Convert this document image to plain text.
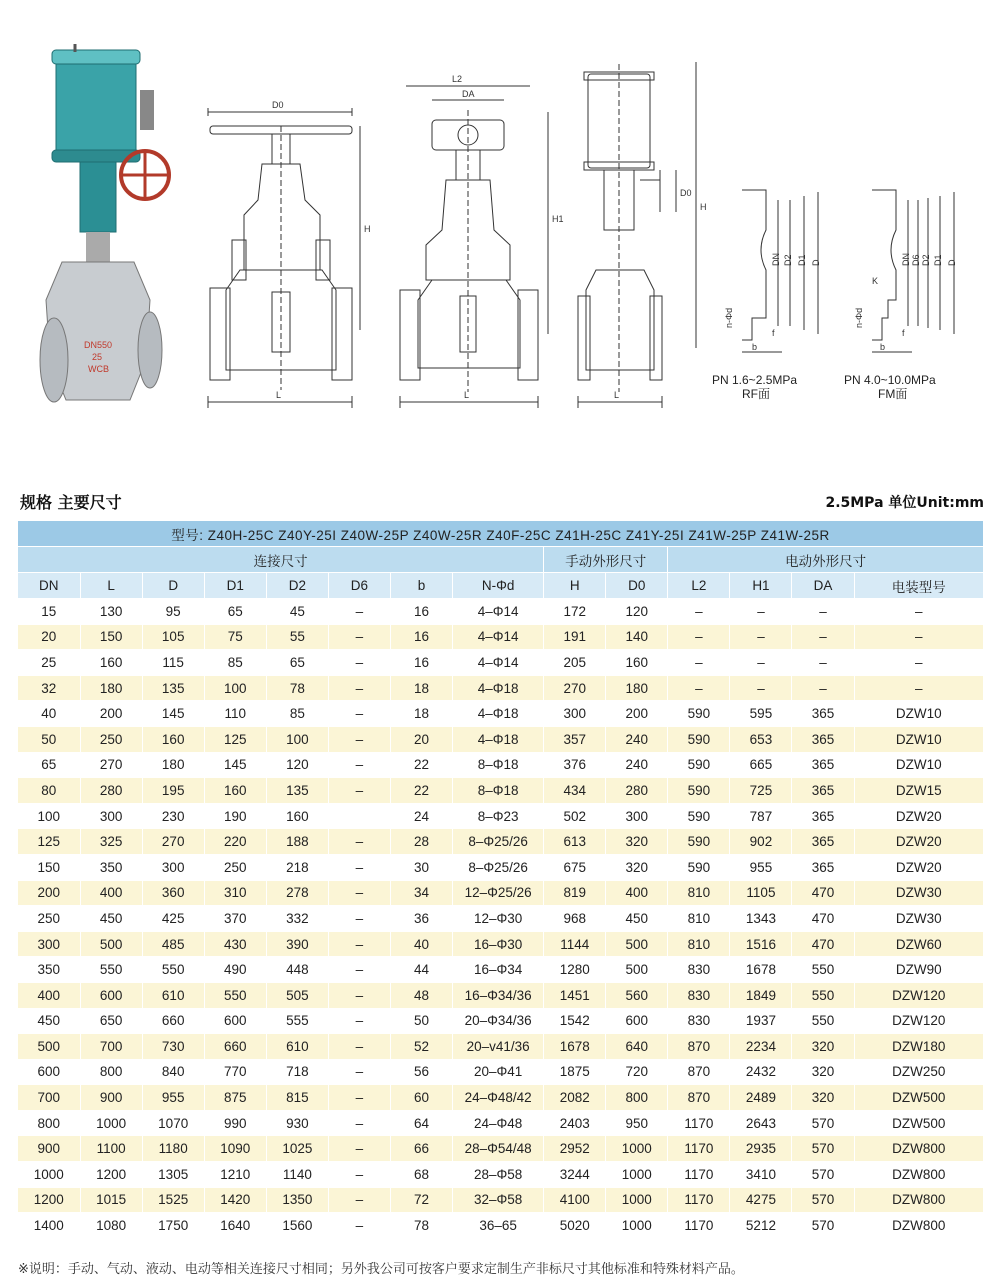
DN550
25
WCB
D0
H
L
L2
DA
H1
L
H
D0
L
DN D2 D1 D
n-Φd
b
f
PN 1.6~2.5MPa
RF面
DN D6 D2 D1 D
K
n-Φd
b
f
PN 4.0~10.0MPa
FM面
规格 主要尺寸	2.5MPa 单位Unit:mm
型号: Z40H-25C Z40Y-25I Z40W-25P Z40W-25R Z40F-25C Z41H-25C Z41Y-25I Z41W-25P Z41W-25R													
连接尺寸								手动外形尺寸		电动外形尺寸			
DN	L	D	D1	D2	D6	b	N-Φd	H	D0	L2	H1	DA	电装型号
15	130	95	65	45	–	16	4–Φ14	172	120	–	–	–	–
20	150	105	75	55	–	16	4–Φ14	191	140	–	–	–	–
25	160	115	85	65	–	16	4–Φ14	205	160	–	–	–	–
32	180	135	100	78	–	18	4–Φ18	270	180	–	–	–	–
40	200	145	110	85	–	18	4–Φ18	300	200	590	595	365	DZW10
50	250	160	125	100	–	20	4–Φ18	357	240	590	653	365	DZW10
65	270	180	145	120	–	22	8–Φ18	376	240	590	665	365	DZW10
80	280	195	160	135	–	22	8–Φ18	434	280	590	725	365	DZW15
100	300	230	190	160		24	8–Φ23	502	300	590	787	365	DZW20
125	325	270	220	188	–	28	8–Φ25/26	613	320	590	902	365	DZW20
150	350	300	250	218	–	30	8–Φ25/26	675	320	590	955	365	DZW20
200	400	360	310	278	–	34	12–Φ25/26	819	400	810	1105	470	DZW30
250	450	425	370	332	–	36	12–Φ30	968	450	810	1343	470	DZW30
300	500	485	430	390	–	40	16–Φ30	1144	500	810	1516	470	DZW60
350	550	550	490	448	–	44	16–Φ34	1280	500	830	1678	550	DZW90
400	600	610	550	505	–	48	16–Φ34/36	1451	560	830	1849	550	DZW120
450	650	660	600	555	–	50	20–Φ34/36	1542	600	830	1937	550	DZW120
500	700	730	660	610	–	52	20–v41/36	1678	640	870	2234	320	DZW180
600	800	840	770	718	–	56	20–Φ41	1875	720	870	2432	320	DZW250
700	900	955	875	815	–	60	24–Φ48/42	2082	800	870	2489	320	DZW500
800	1000	1070	990	930	–	64	24–Φ48	2403	950	1170	2643	570	DZW500
900	1100	1180	1090	1025	–	66	28–Φ54/48	2952	1000	1170	2935	570	DZW800
1000	1200	1305	1210	1140	–	68	28–Φ58	3244	1000	1170	3410	570	DZW800
1200	1015	1525	1420	1350	–	72	32–Φ58	4100	1000	1170	4275	570	DZW800
1400	1080	1750	1640	1560	–	78	36–65	5020	1000	1170	5212	570	DZW800
※说明：手动、气动、液动、电动等相关连接尺寸相同；另外我公司可按客户要求定制生产非标尺寸其他标准和特殊材料产品。
